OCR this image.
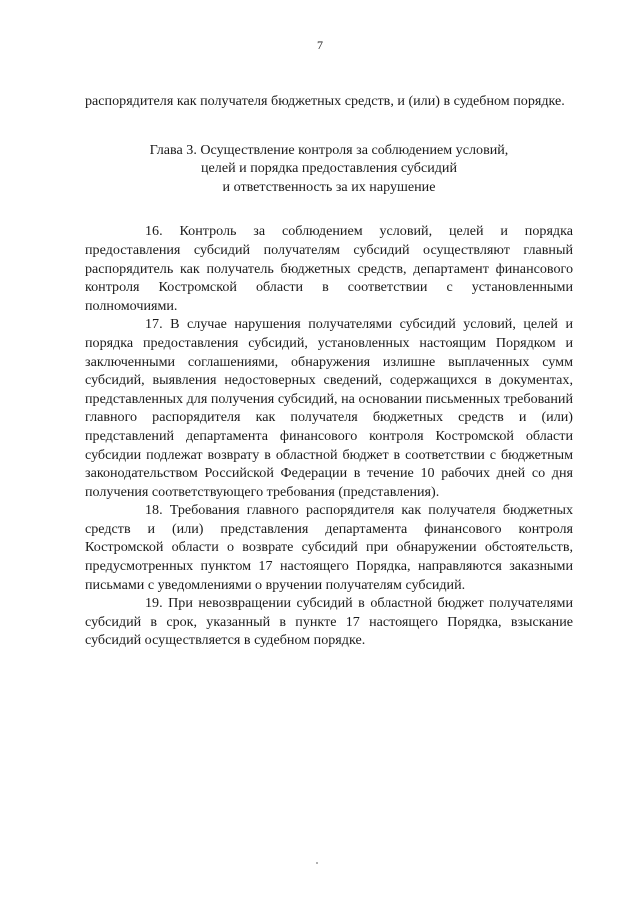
7

распорядителя как получателя бюджетных средств, и (или) в судебном порядке.

Глава 3. Осуществление контроля за соблюдением условий,
целей и порядка предоставления субсидий
и ответственность за их нарушение

16. Контроль за соблюдением условий, целей и порядка предоставления субсидий получателям субсидий осуществляют главный распорядитель как получатель бюджетных средств, департамент финансового контроля Костромской области в соответствии с установленными полномочиями.

17. В случае нарушения получателями субсидий условий, целей и порядка предоставления субсидий, установленных настоящим Порядком и заключенными соглашениями, обнаружения излишне выплаченных сумм субсидий, выявления недостоверных сведений, содержащихся в документах, представленных для получения субсидий, на основании письменных требований главного распорядителя как получателя бюджетных средств и (или) представлений департамента финансового контроля Костромской области субсидии подлежат возврату в областной бюджет в соответствии с бюджетным законодательством Российской Федерации в течение 10 рабочих дней со дня получения соответствующего требования (представления).

18. Требования главного распорядителя как получателя бюджетных средств и (или) представления департамента финансового контроля Костромской области о возврате субсидий при обнаружении обстоятельств, предусмотренных пунктом 17 настоящего Порядка, направляются заказными письмами с уведомлениями о вручении получателям субсидий.

19. При невозвращении субсидий в областной бюджет получателями субсидий в срок, указанный в пункте 17 настоящего Порядка, взыскание субсидий осуществляется в судебном порядке.
